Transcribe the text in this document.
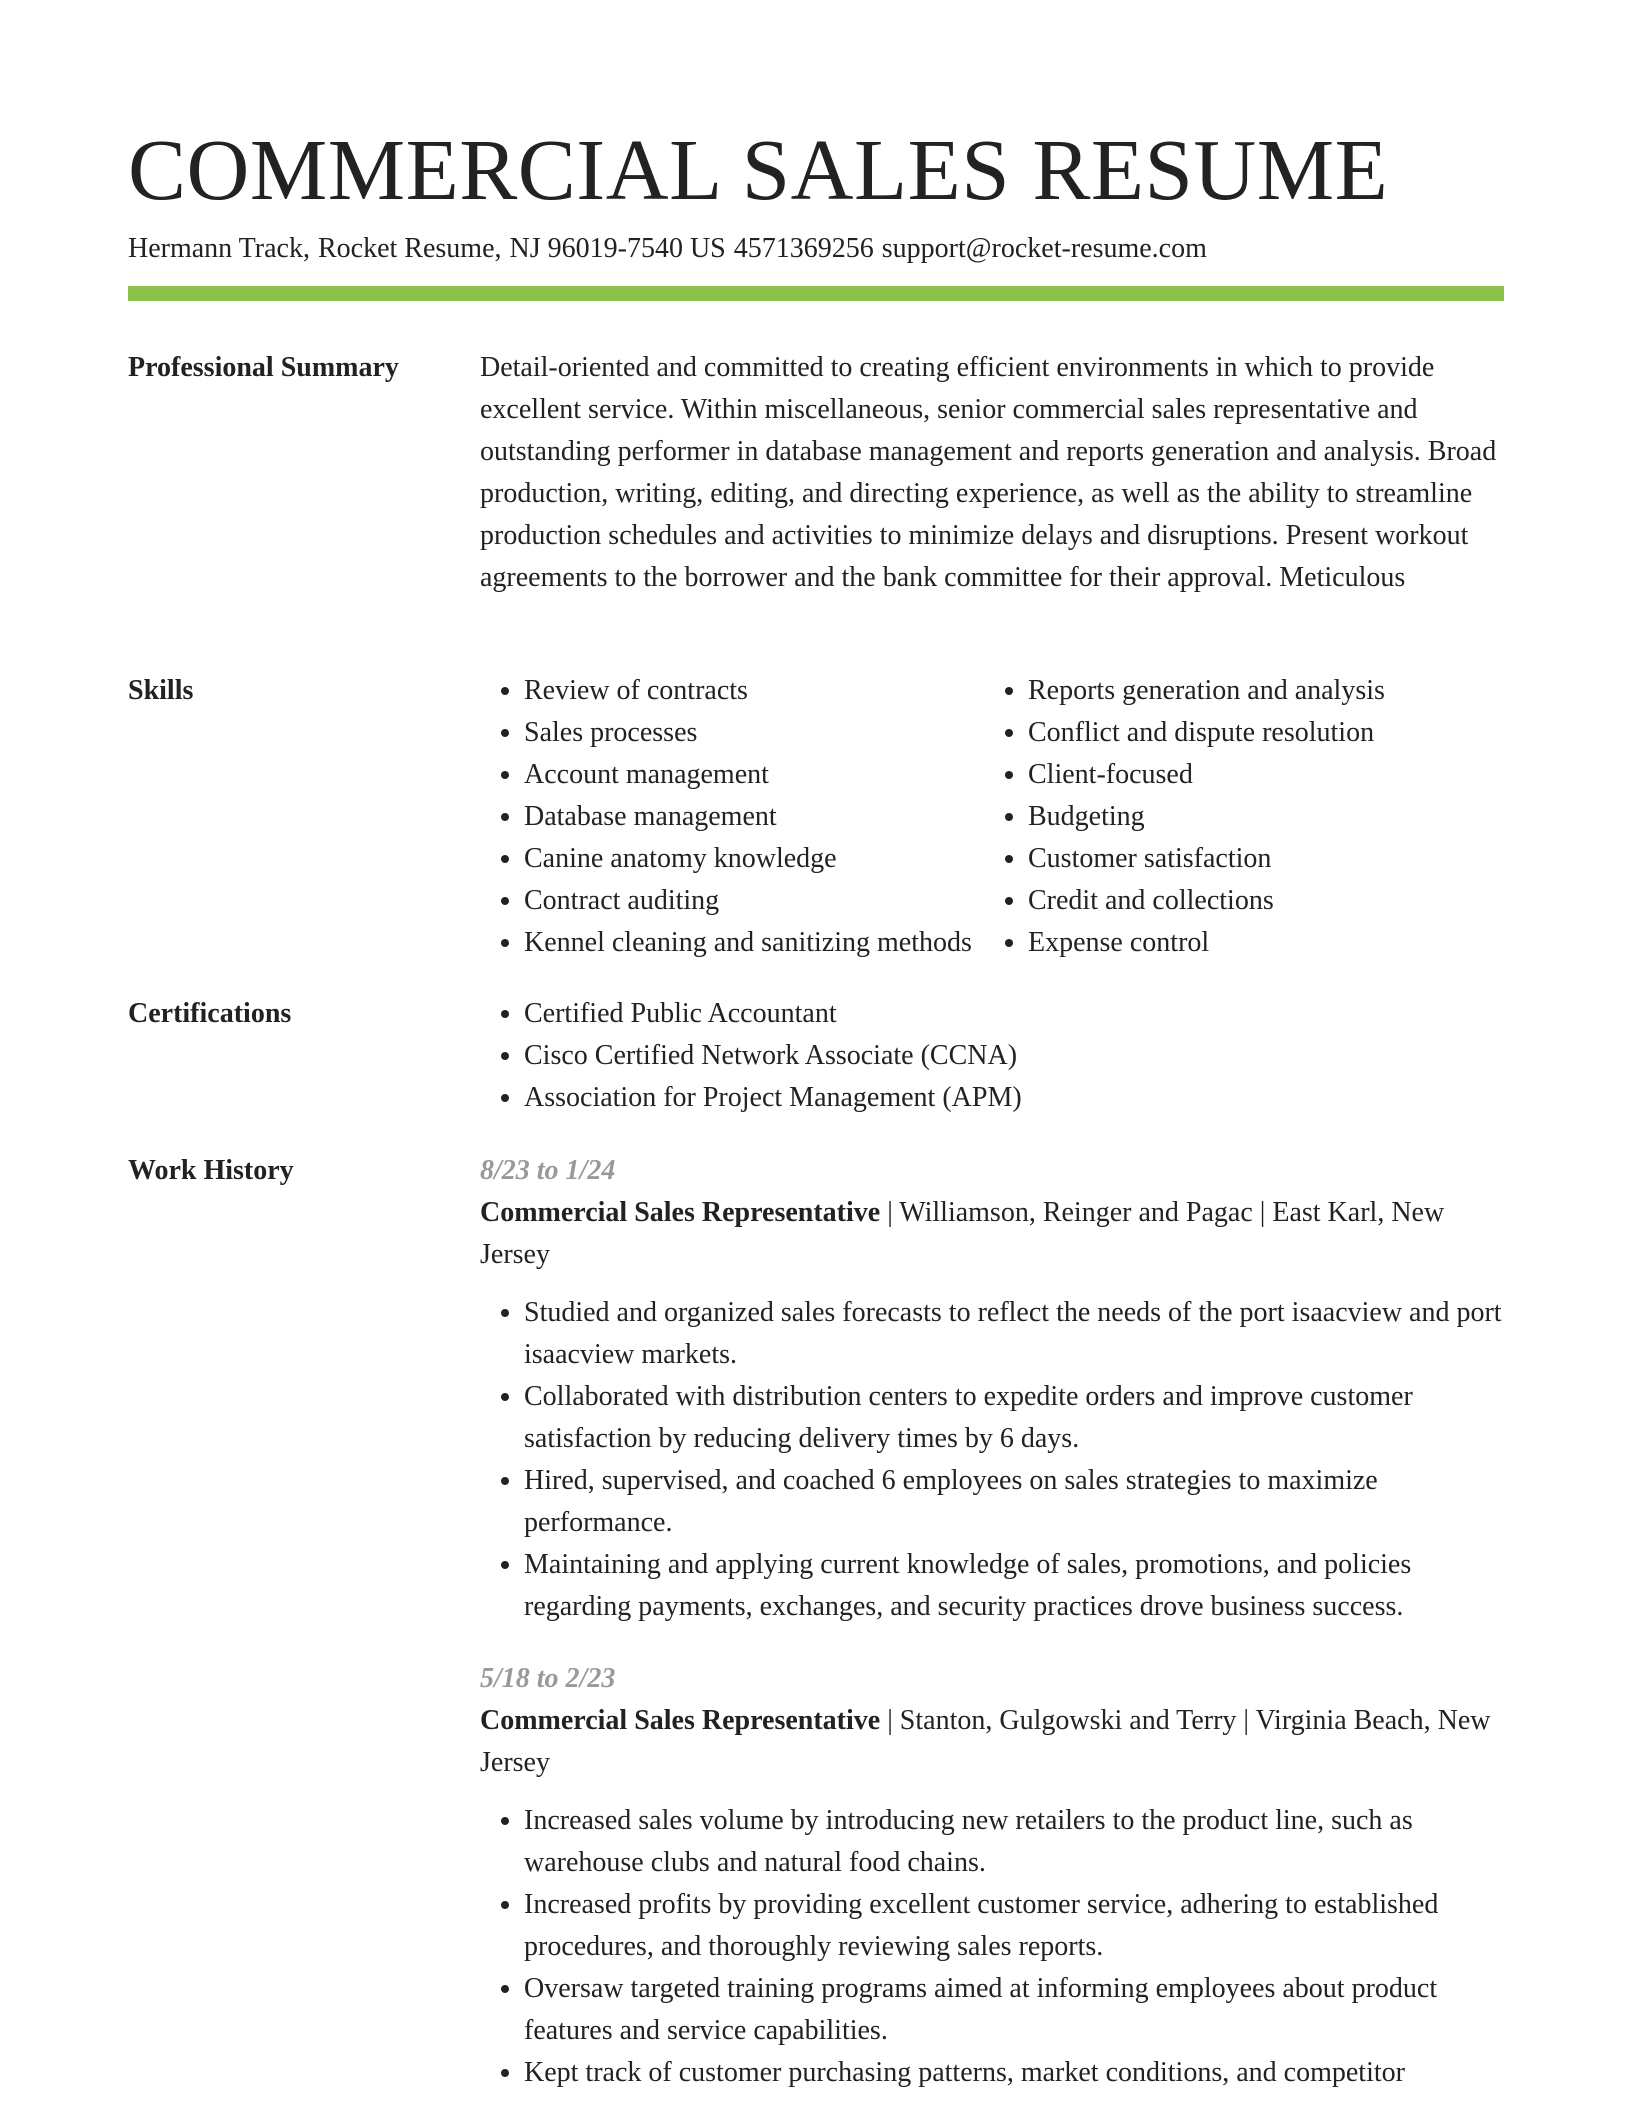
COMMERCIAL SALES RESUME
Hermann Track, Rocket Resume, NJ 96019-7540 US 4571369256 support@rocket-resume.com
Professional Summary	Detail-oriented and committed to creating efficient environments in which to provide excellent service. Within miscellaneous, senior commercial sales representative and outstanding performer in database management and reports generation and analysis. Broad production, writing, editing, and directing experience, as well as the ability to streamline production schedules and activities to minimize delays and disruptions. Present workout agreements to the borrower and the bank committee for their approval. Meticulous

Skills	• Review of contracts
• Sales processes
• Account management
• Database management
• Canine anatomy knowledge
• Contract auditing
• Kennel cleaning and sanitizing methods
• Reports generation and analysis
• Conflict and dispute resolution
• Client-focused
• Budgeting
• Customer satisfaction
• Credit and collections
• Expense control
Certifications	• Certified Public Accountant
• Cisco Certified Network Associate (CCNA)
• Association for Project Management (APM)
Work History	8/23 to 1/24

Commercial Sales Representative | Williamson, Reinger and Pagac | East Karl, New Jersey

• Studied and organized sales forecasts to reflect the needs of the port isaacview and port isaacview markets.
• Collaborated with distribution centers to expedite orders and improve customer satisfaction by reducing delivery times by 6 days.
• Hired, supervised, and coached 6 employees on sales strategies to maximize performance.
• Maintaining and applying current knowledge of sales, promotions, and policies regarding payments, exchanges, and security practices drove business success.

5/18 to 2/23

Commercial Sales Representative | Stanton, Gulgowski and Terry | Virginia Beach, New Jersey

• Increased sales volume by introducing new retailers to the product line, such as warehouse clubs and natural food chains.
• Increased profits by providing excellent customer service, adhering to established procedures, and thoroughly reviewing sales reports.
• Oversaw targeted training programs aimed at informing employees about product features and service capabilities.
• Kept track of customer purchasing patterns, market conditions, and competitor
